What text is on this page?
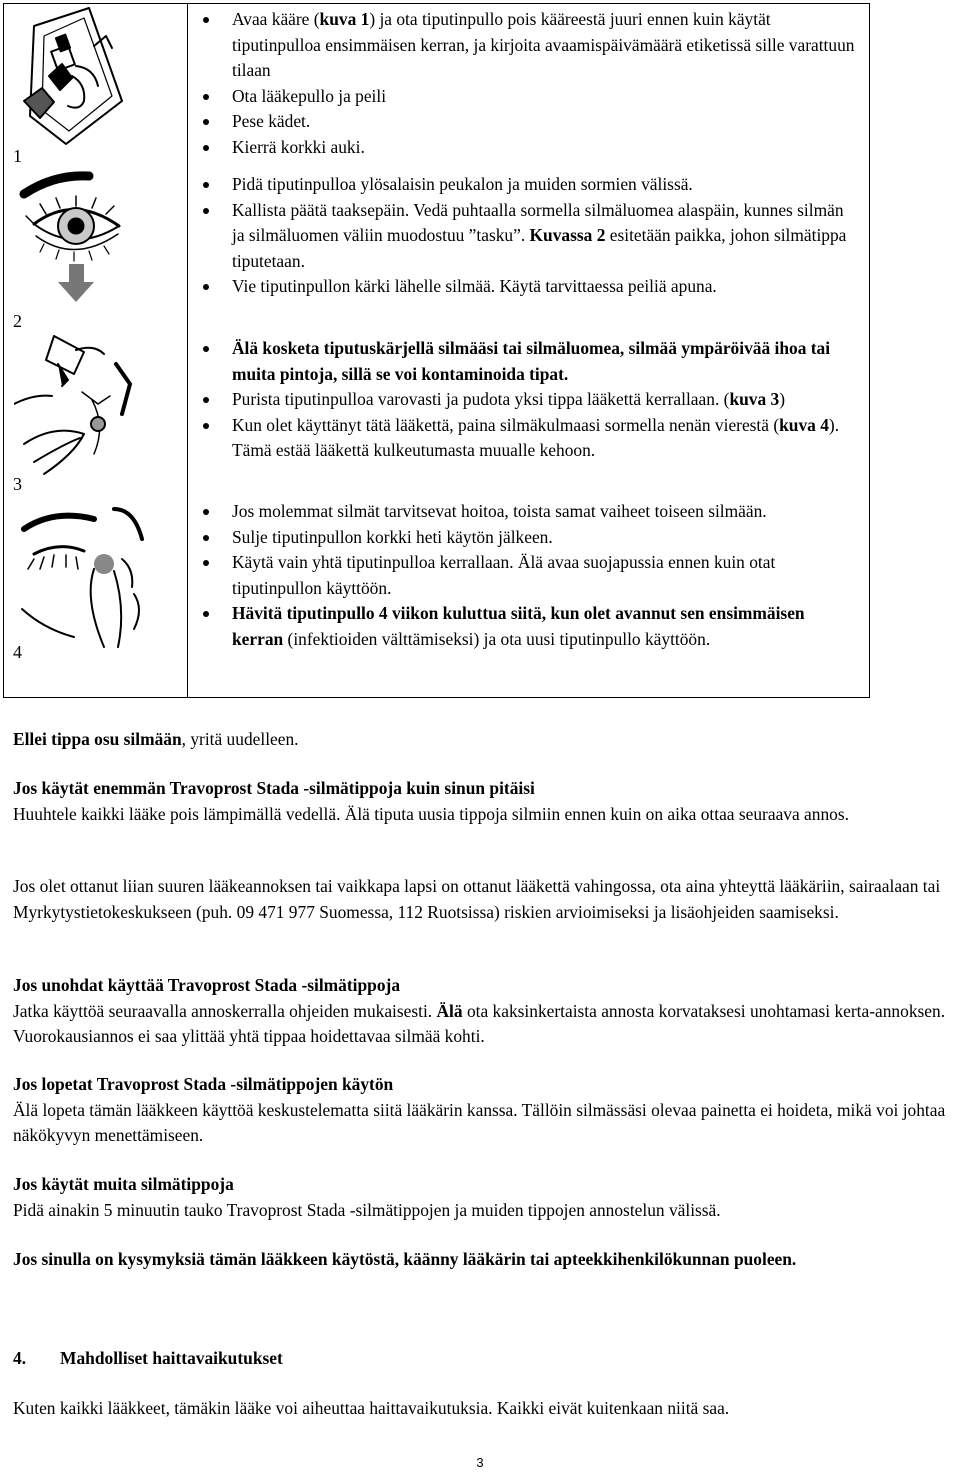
1
2
3
4
Avaa kääre (kuva 1) ja ota tiputinpullo pois kääreestä juuri ennen kuin käytät tiputinpulloa ensimmäisen kerran, ja kirjoita avaamispäivämäärä etiketissä sille varattuun tilaan
Ota lääkepullo ja peili
Pese kädet.
Kierrä korkki auki.
Pidä tiputinpulloa ylösalaisin peukalon ja muiden sormien välissä.
Kallista päätä taaksepäin. Vedä puhtaalla sormella silmäluomea alaspäin, kunnes silmän ja silmäluomen väliin muodostuu ”tasku”. Kuvassa 2 esitetään paikka, johon silmätippa tiputetaan.
Vie tiputinpullon kärki lähelle silmää. Käytä tarvittaessa peiliä apuna.
Älä kosketa tiputuskärjellä silmääsi tai silmäluomea, silmää ympäröivää ihoa tai muita pintoja, sillä se voi kontaminoida tipat.
Purista tiputinpulloa varovasti ja pudota yksi tippa lääkettä kerrallaan. (kuva 3)
Kun olet käyttänyt tätä lääkettä, paina silmäkulmaasi sormella nenän vierestä (kuva 4). Tämä estää lääkettä kulkeutumasta muualle kehoon.
Jos molemmat silmät tarvitsevat hoitoa, toista samat vaiheet toiseen silmään.
Sulje tiputinpullon korkki heti käytön jälkeen.
Käytä vain yhtä tiputinpulloa kerrallaan. Älä avaa suojapussia ennen kuin otat tiputinpullon käyttöön.
Hävitä tiputinpullo 4 viikon kuluttua siitä, kun olet avannut sen ensimmäisen kerran (infektioiden välttämiseksi) ja ota uusi tiputinpullo käyttöön.

Ellei tippa osu silmään, yritä uudelleen.

Jos käytät enemmän Travoprost Stada -silmätippoja kuin sinun pitäisi

Huuhtele kaikki lääke pois lämpimällä vedellä. Älä tiputa uusia tippoja silmiin ennen kuin on aika ottaa seuraava annos.

Jos olet ottanut liian suuren lääkeannoksen tai vaikkapa lapsi on ottanut lääkettä vahingossa, ota aina yhteyttä lääkäriin, sairaalaan tai Myrkytystietokeskukseen (puh. 09 471 977 Suomessa, 112 Ruotsissa) riskien arvioimiseksi ja lisäohjeiden saamiseksi.

Jos unohdat käyttää Travoprost Stada -silmätippoja

Jatka käyttöä seuraavalla annoskerralla ohjeiden mukaisesti. Älä ota kaksinkertaista annosta korvataksesi unohtamasi kerta-annoksen. Vuorokausiannos ei saa ylittää yhtä tippaa hoidettavaa silmää kohti.

Jos lopetat Travoprost Stada -silmätippojen käytön

Älä lopeta tämän lääkkeen käyttöä keskustelematta siitä lääkärin kanssa. Tällöin silmässäsi olevaa painetta ei hoideta, mikä voi johtaa näkökyvyn menettämiseen.

Jos käytät muita silmätippoja

Pidä ainakin 5 minuutin tauko Travoprost Stada -silmätippojen ja muiden tippojen annostelun välissä.

Jos sinulla on kysymyksiä tämän lääkkeen käytöstä, käänny lääkärin tai apteekkihenkilökunnan puoleen.

4. Mahdolliset haittavaikutukset

Kuten kaikki lääkkeet, tämäkin lääke voi aiheuttaa haittavaikutuksia. Kaikki eivät kuitenkaan niitä saa.

3
